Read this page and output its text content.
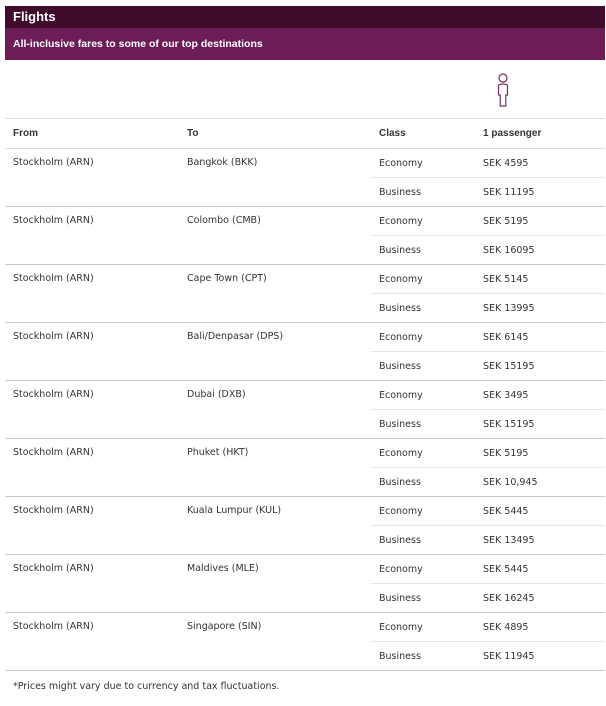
Flights
All-inclusive fares to some of our top destinations
From	To	Class	1 passenger
Stockholm (ARN)	Bangkok (BKK)	Economy	SEK 4595
		Business	SEK 11195
Stockholm (ARN)	Colombo (CMB)	Economy	SEK 5195
		Business	SEK 16095
Stockholm (ARN)	Cape Town (CPT)	Economy	SEK 5145
		Business	SEK 13995
Stockholm (ARN)	Bali/Denpasar (DPS)	Economy	SEK 6145
		Business	SEK 15195
Stockholm (ARN)	Dubai (DXB)	Economy	SEK 3495
		Business	SEK 15195
Stockholm (ARN)	Phuket (HKT)	Economy	SEK 5195
		Business	SEK 10,945
Stockholm (ARN)	Kuala Lumpur (KUL)	Economy	SEK 5445
		Business	SEK 13495
Stockholm (ARN)	Maldives (MLE)	Economy	SEK 5445
		Business	SEK 16245
Stockholm (ARN)	Singapore (SIN)	Economy	SEK 4895
		Business	SEK 11945
*Prices might vary due to currency and tax fluctuations.
